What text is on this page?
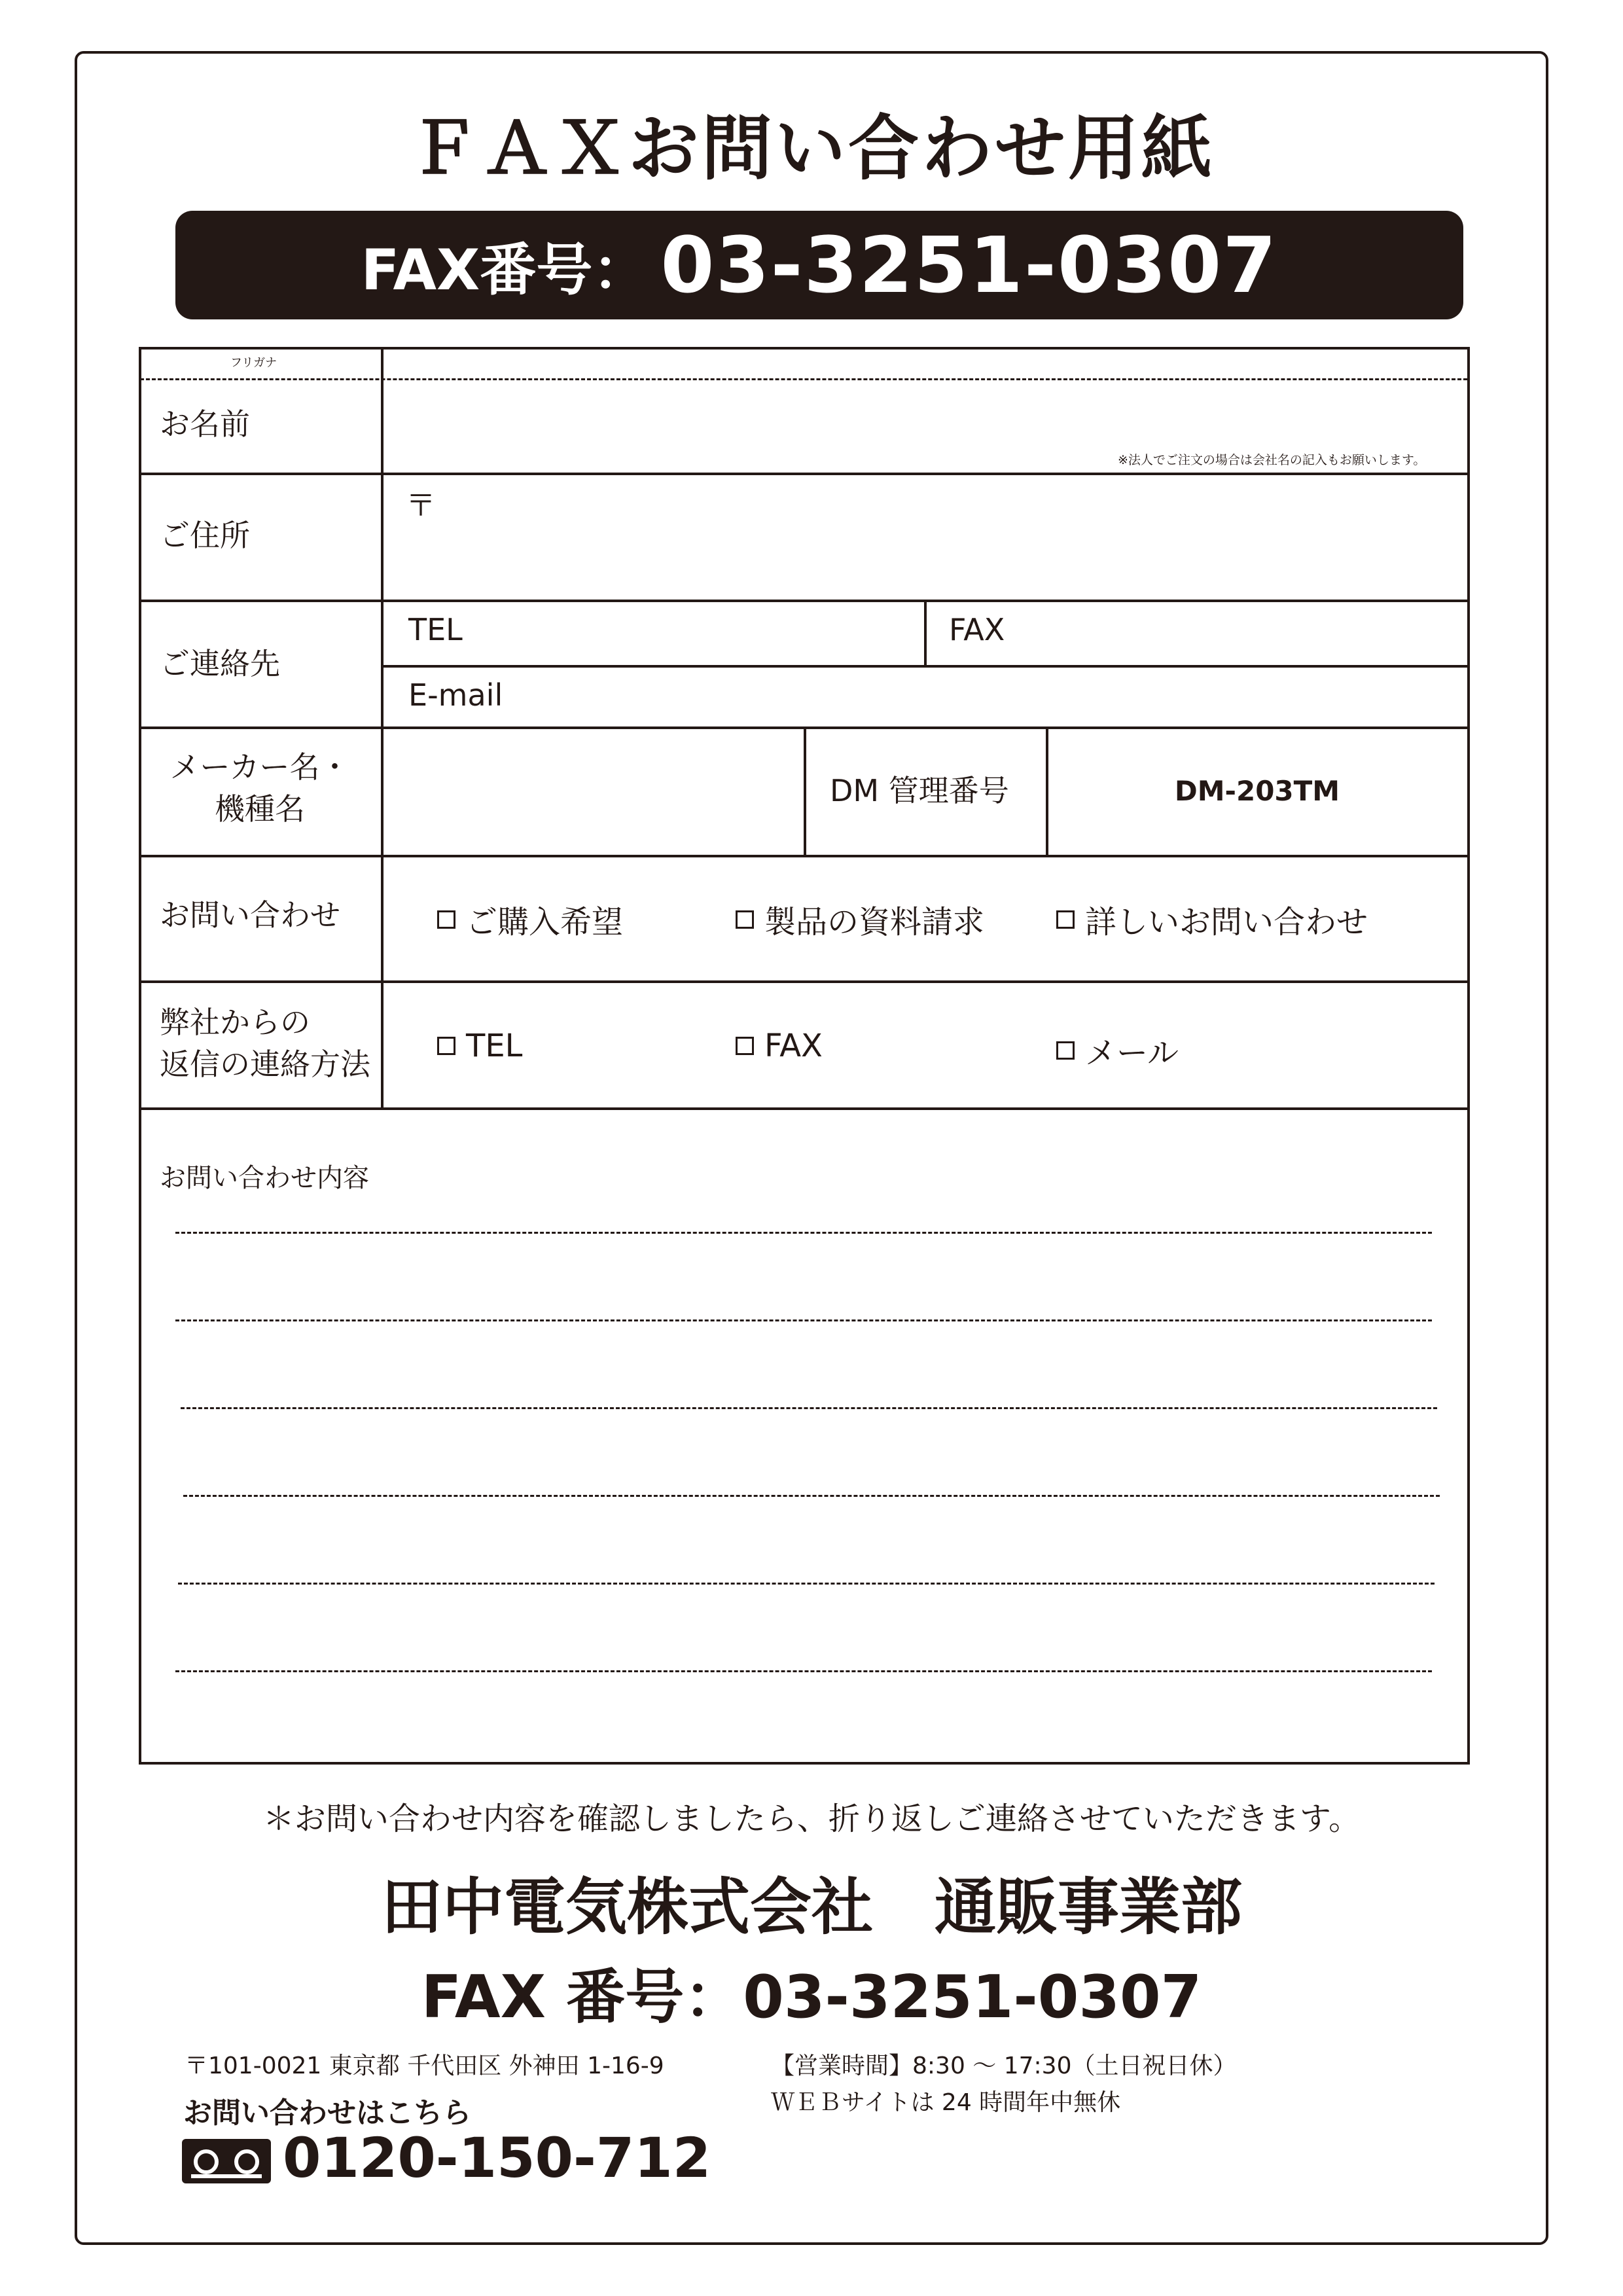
ＦＡＸお問い合わせ用紙
FAX番号： 03-3251-0307
フリガナ
お名前
※法人でご注文の場合は会社名の記入もお願いします。
ご住所
〒
ご連絡先
TEL	FAX
E-mail
メーカー名・
機種名
DM 管理番号	DM-203TM
お問い合わせ	ご購入希望	製品の資料請求	詳しいお問い合わせ
弊社からの
返信の連絡方法
TEL	FAX	メール
お問い合わせ内容
＊お問い合わせ内容を確認しましたら、折り返しご連絡させていただきます。
田中電気株式会社　通販事業部
FAX 番号：03-3251-0307
〒101-0021 東京都 千代田区 外神田 1-16-9	【営業時間】8:30 〜 17:30（土日祝日休）
ＷＥＢサイトは 24 時間年中無休
お問い合わせはこちら
0120-150-712
